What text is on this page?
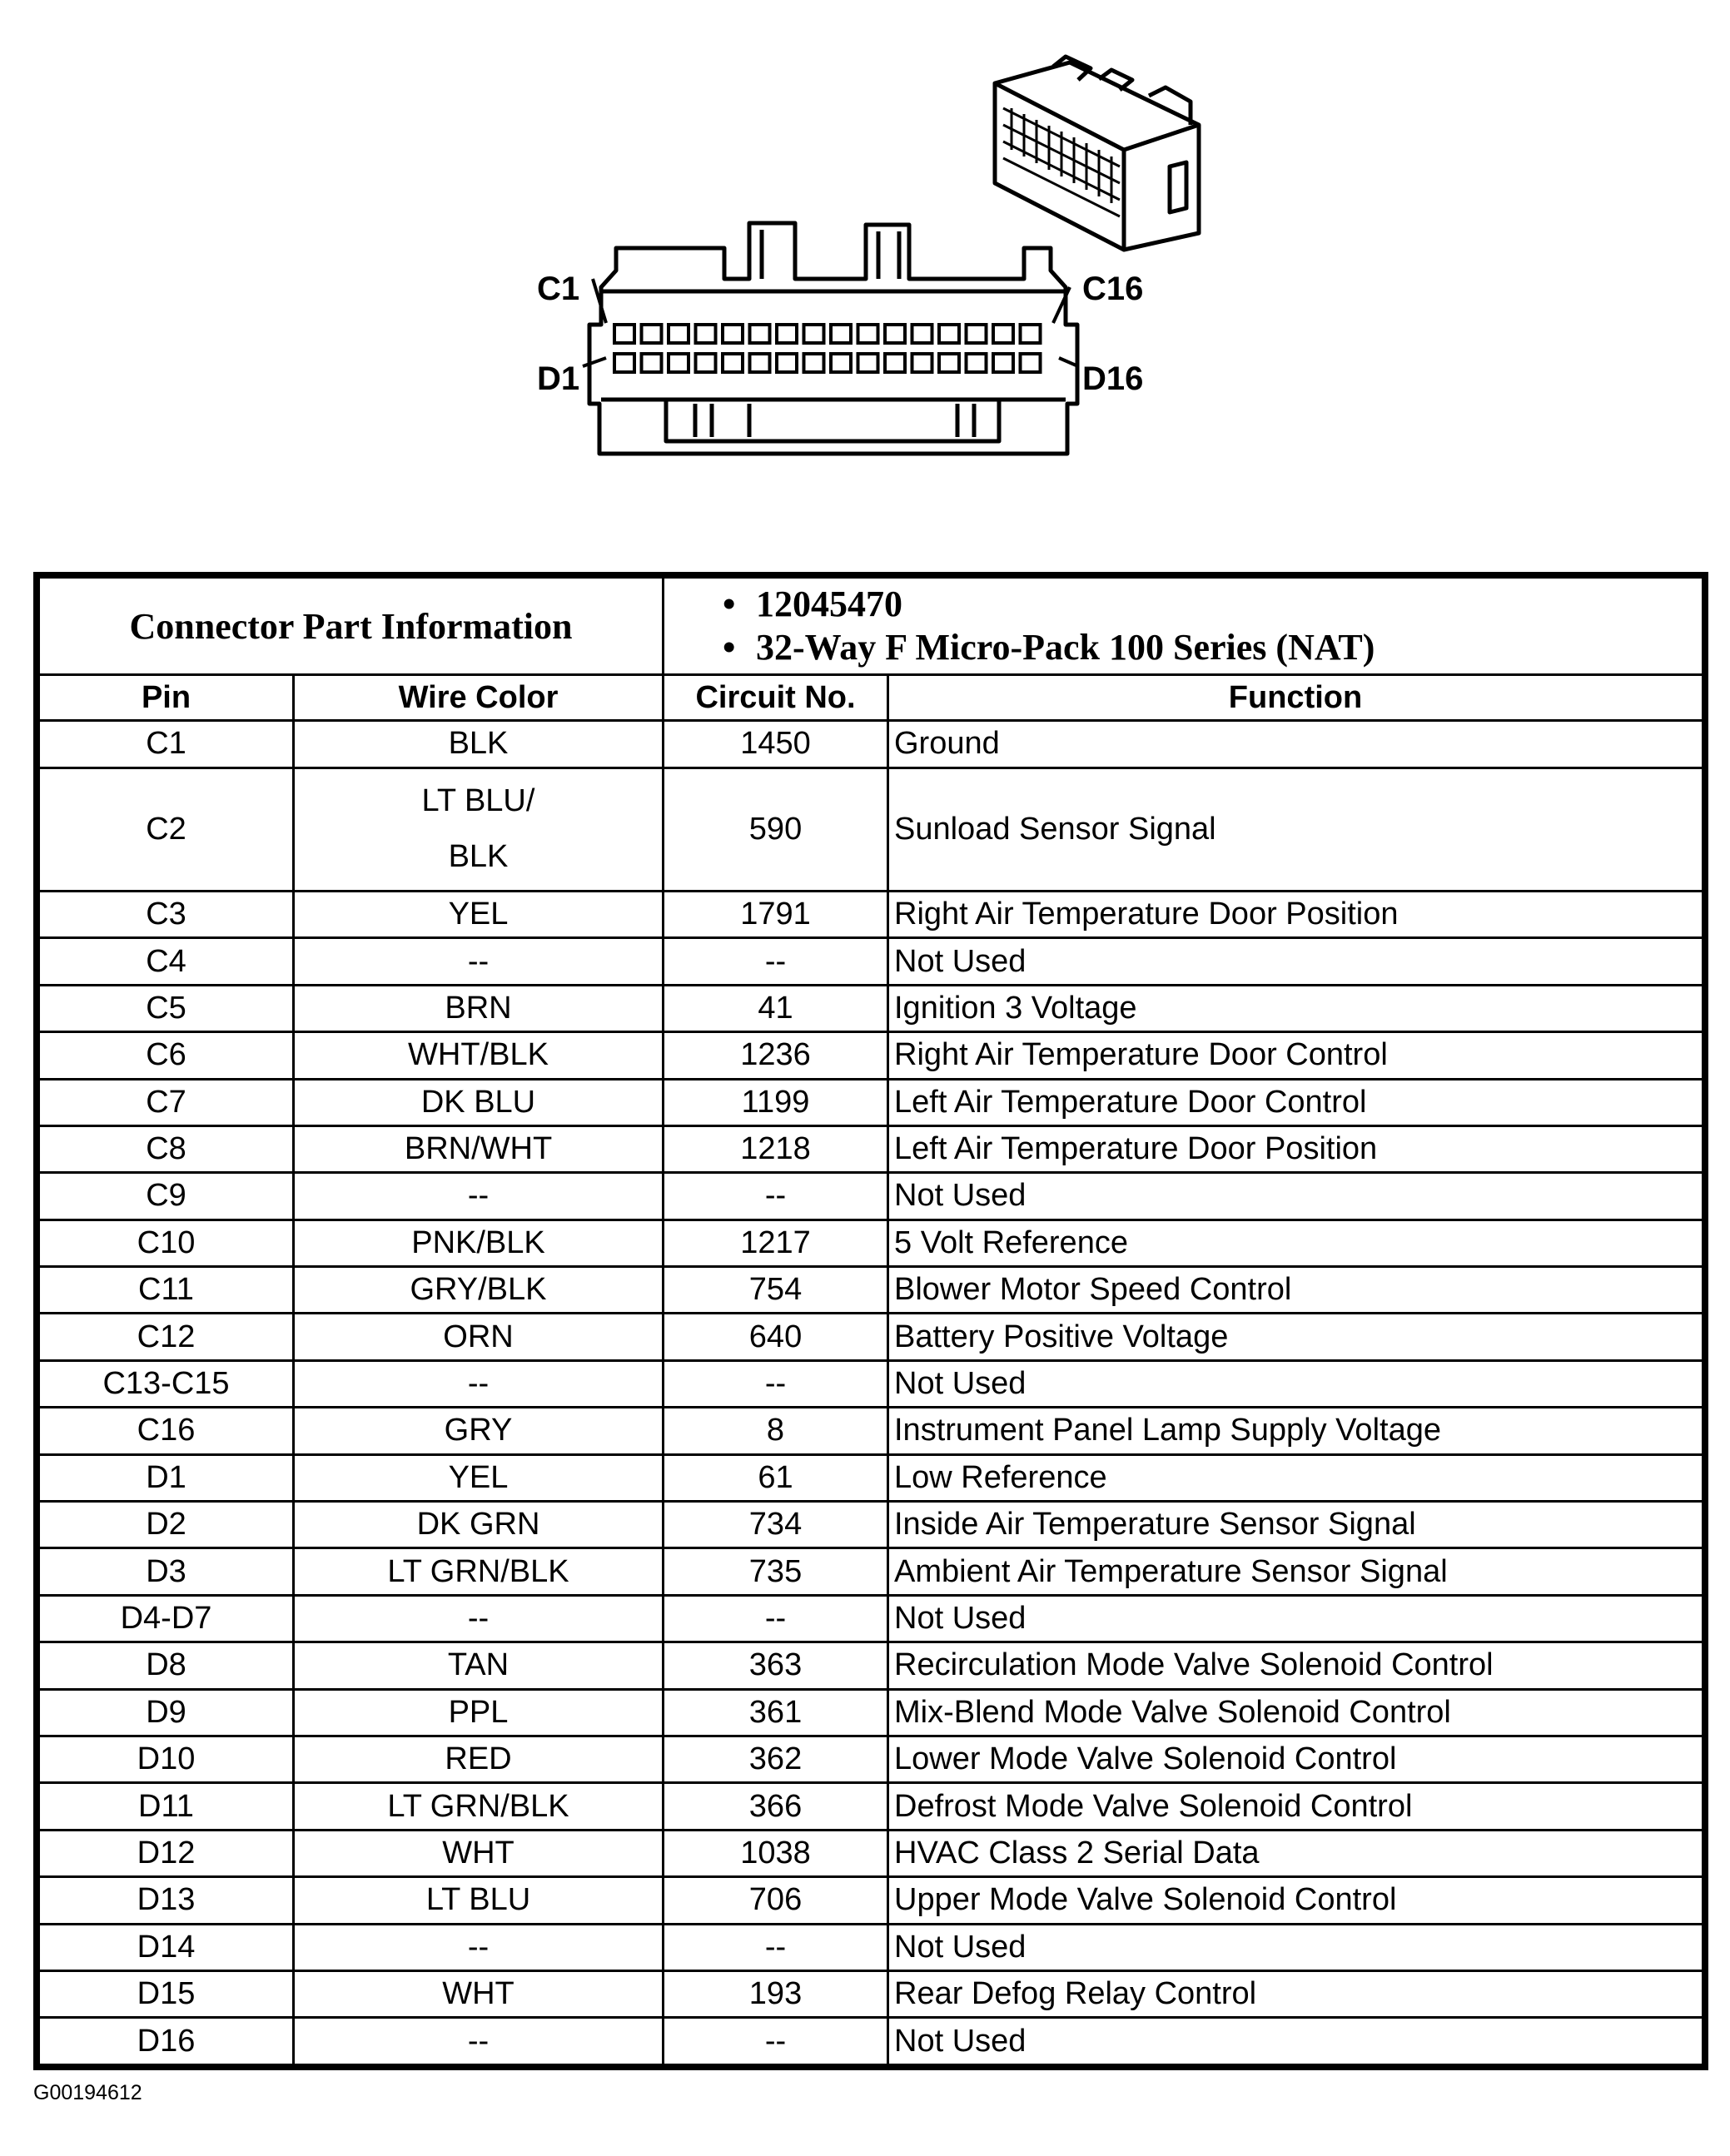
C1	C16
D1	D16
Connector Part Information		• 12045470
• 32-Way F Micro-Pack 100 Series (NAT)	

Pin	Wire Color	Circuit No.	Function
C1	BLK	1450	Ground
C2	LT BLU/
BLK	590	Sunload Sensor Signal
C3	YEL	1791	Right Air Temperature Door Position
C4	--	--	Not Used
C5	BRN	41	Ignition 3 Voltage
C6	WHT/BLK	1236	Right Air Temperature Door Control
C7	DK BLU	1199	Left Air Temperature Door Control
C8	BRN/WHT	1218	Left Air Temperature Door Position
C9	--	--	Not Used
C10	PNK/BLK	1217	5 Volt Reference
C11	GRY/BLK	754	Blower Motor Speed Control
C12	ORN	640	Battery Positive Voltage
C13-C15	--	--	Not Used
C16	GRY	8	Instrument Panel Lamp Supply Voltage
D1	YEL	61	Low Reference
D2	DK GRN	734	Inside Air Temperature Sensor Signal
D3	LT GRN/BLK	735	Ambient Air Temperature Sensor Signal
D4-D7	--	--	Not Used
D8	TAN	363	Recirculation Mode Valve Solenoid Control
D9	PPL	361	Mix-Blend Mode Valve Solenoid Control
D10	RED	362	Lower Mode Valve Solenoid Control
D11	LT GRN/BLK	366	Defrost Mode Valve Solenoid Control
D12	WHT	1038	HVAC Class 2 Serial Data
D13	LT BLU	706	Upper Mode Valve Solenoid Control
D14	--	--	Not Used
D15	WHT	193	Rear Defog Relay Control
D16	--	--	Not Used
G00194612
